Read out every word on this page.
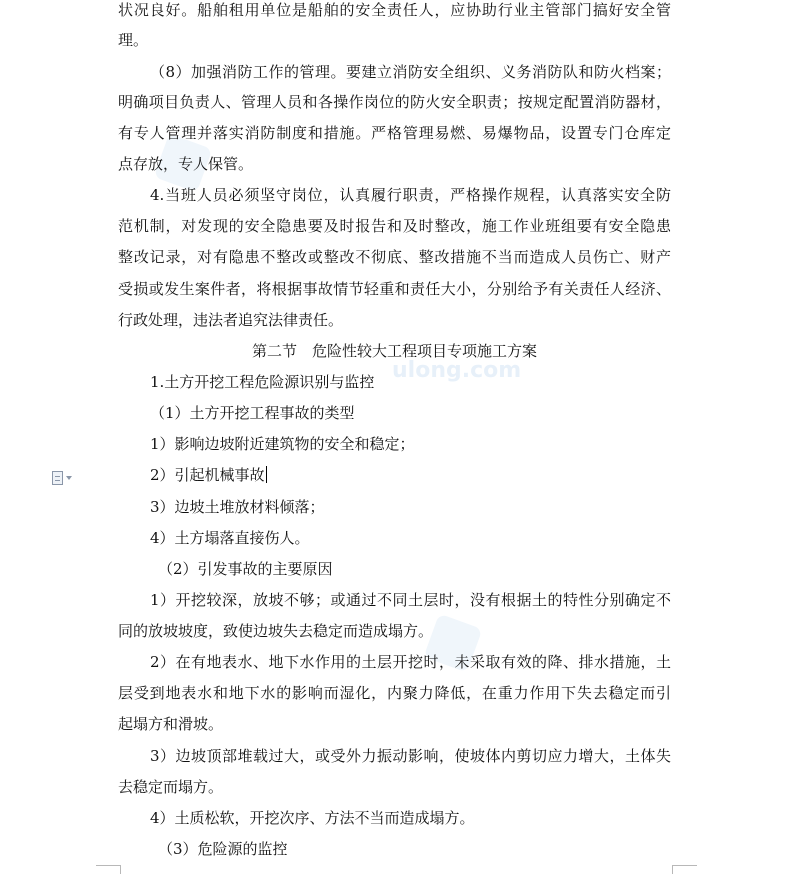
ulong.com
状况良好。船舶租用单位是船舶的安全责任人，应协助行业主管部门搞好安全管
理。
（8）加强消防工作的管理。要建立消防安全组织、义务消防队和防火档案；
明确项目负责人、管理人员和各操作岗位的防火安全职责；按规定配置消防器材，
有专人管理并落实消防制度和措施。严格管理易燃、易爆物品，设置专门仓库定
点存放，专人保管。
4.当班人员必须坚守岗位，认真履行职责，严格操作规程，认真落实安全防
范机制，对发现的安全隐患要及时报告和及时整改，施工作业班组要有安全隐患
整改记录，对有隐患不整改或整改不彻底、整改措施不当而造成人员伤亡、财产
受损或发生案件者，将根据事故情节轻重和责任大小，分别给予有关责任人经济、
行政处理，违法者追究法律责任。
第二节　危险性较大工程项目专项施工方案
1.土方开挖工程危险源识别与监控
（1）土方开挖工程事故的类型
1）影响边坡附近建筑物的安全和稳定；
2）引起机械事故
3）边坡土堆放材料倾落；
4）土方塌落直接伤人。
（2）引发事故的主要原因
1）开挖较深，放坡不够；或通过不同土层时，没有根据土的特性分别确定不
同的放坡坡度，致使边坡失去稳定而造成塌方。
2）在有地表水、地下水作用的土层开挖时，未采取有效的降、排水措施，土
层受到地表水和地下水的影响而湿化，内聚力降低，在重力作用下失去稳定而引
起塌方和滑坡。
3）边坡顶部堆载过大，或受外力振动影响，使坡体内剪切应力增大，土体失
去稳定而塌方。
4）土质松软，开挖次序、方法不当而造成塌方。
（3）危险源的监控
